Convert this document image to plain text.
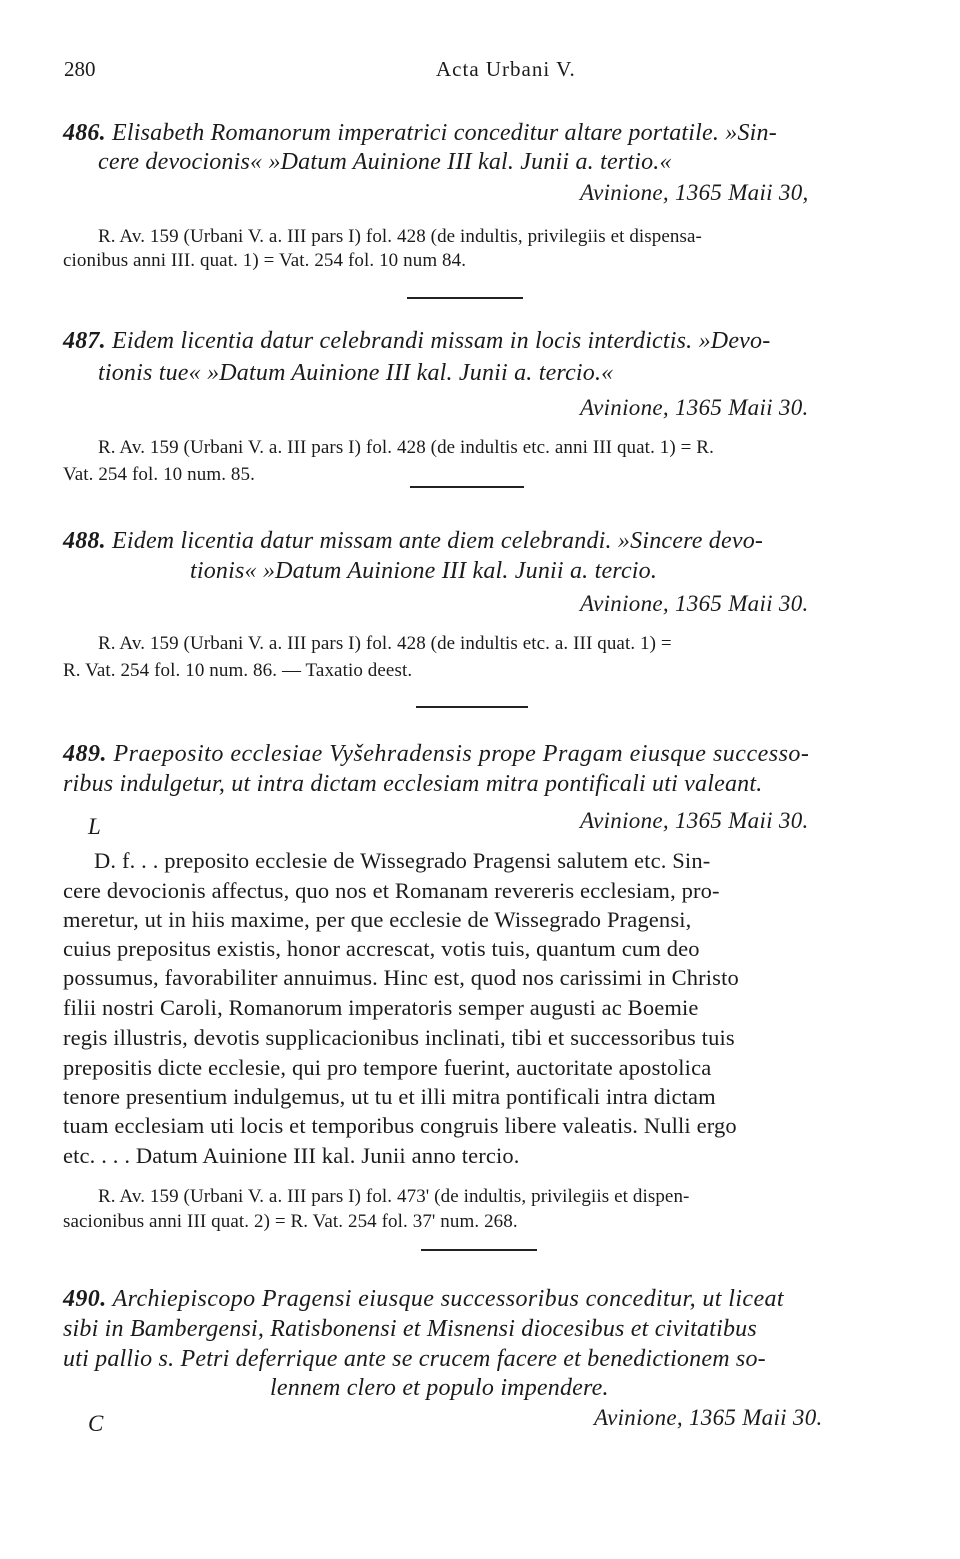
280	Acta Urbani V.
486. Elisabeth Romanorum imperatrici conceditur altare portatile. »Sin-
cere devocionis« »Datum Auinione III kal. Junii a. tertio.«
Avinione, 1365 Maii 30,
R. Av. 159 (Urbani V. a. III pars I) fol. 428 (de indultis, privilegiis et dispensa-
cionibus anni III. quat. 1) = Vat. 254 fol. 10 num 84.
487. Eidem licentia datur celebrandi missam in locis interdictis. »Devo-
tionis tue« »Datum Auinione III kal. Junii a. tercio.«
Avinione, 1365 Maii 30.
R. Av. 159 (Urbani V. a. III pars I) fol. 428 (de indultis etc. anni III quat. 1) = R.
Vat. 254 fol. 10 num. 85.
488. Eidem licentia datur missam ante diem celebrandi. »Sincere devo-
tionis« »Datum Auinione III kal. Junii a. tercio.
Avinione, 1365 Maii 30.
R. Av. 159 (Urbani V. a. III pars I) fol. 428 (de indultis etc. a. III quat. 1) =
R. Vat. 254 fol. 10 num. 86. — Taxatio deest.
489. Praeposito ecclesiae Vyšehradensis prope Pragam eiusque successo-
ribus indulgetur, ut intra dictam ecclesiam mitra pontificali uti valeant.
L	Avinione, 1365 Maii 30.
D. f. . . preposito ecclesie de Wissegrado Pragensi salutem etc. Sin-
cere devocionis affectus, quo nos et Romanam revereris ecclesiam, pro-
meretur, ut in hiis maxime, per que ecclesie de Wissegrado Pragensi,
cuius prepositus existis, honor accrescat, votis tuis, quantum cum deo
possumus, favorabiliter annuimus. Hinc est, quod nos carissimi in Christo
filii nostri Caroli, Romanorum imperatoris semper augusti ac Boemie
regis illustris, devotis supplicacionibus inclinati, tibi et successoribus tuis
prepositis dicte ecclesie, qui pro tempore fuerint, auctoritate apostolica
tenore presentium indulgemus, ut tu et illi mitra pontificali intra dictam
tuam ecclesiam uti locis et temporibus congruis libere valeatis. Nulli ergo
etc. . . . Datum Auinione III kal. Junii anno tercio.
R. Av. 159 (Urbani V. a. III pars I) fol. 473' (de indultis, privilegiis et dispen-
sacionibus anni III quat. 2) = R. Vat. 254 fol. 37' num. 268.
490. Archiepiscopo Pragensi eiusque successoribus conceditur, ut liceat
sibi in Bambergensi, Ratisbonensi et Misnensi diocesibus et civitatibus
uti pallio s. Petri deferrique ante se crucem facere et benedictionem so-
lennem clero et populo impendere.
C	Avinione, 1365 Maii 30.
